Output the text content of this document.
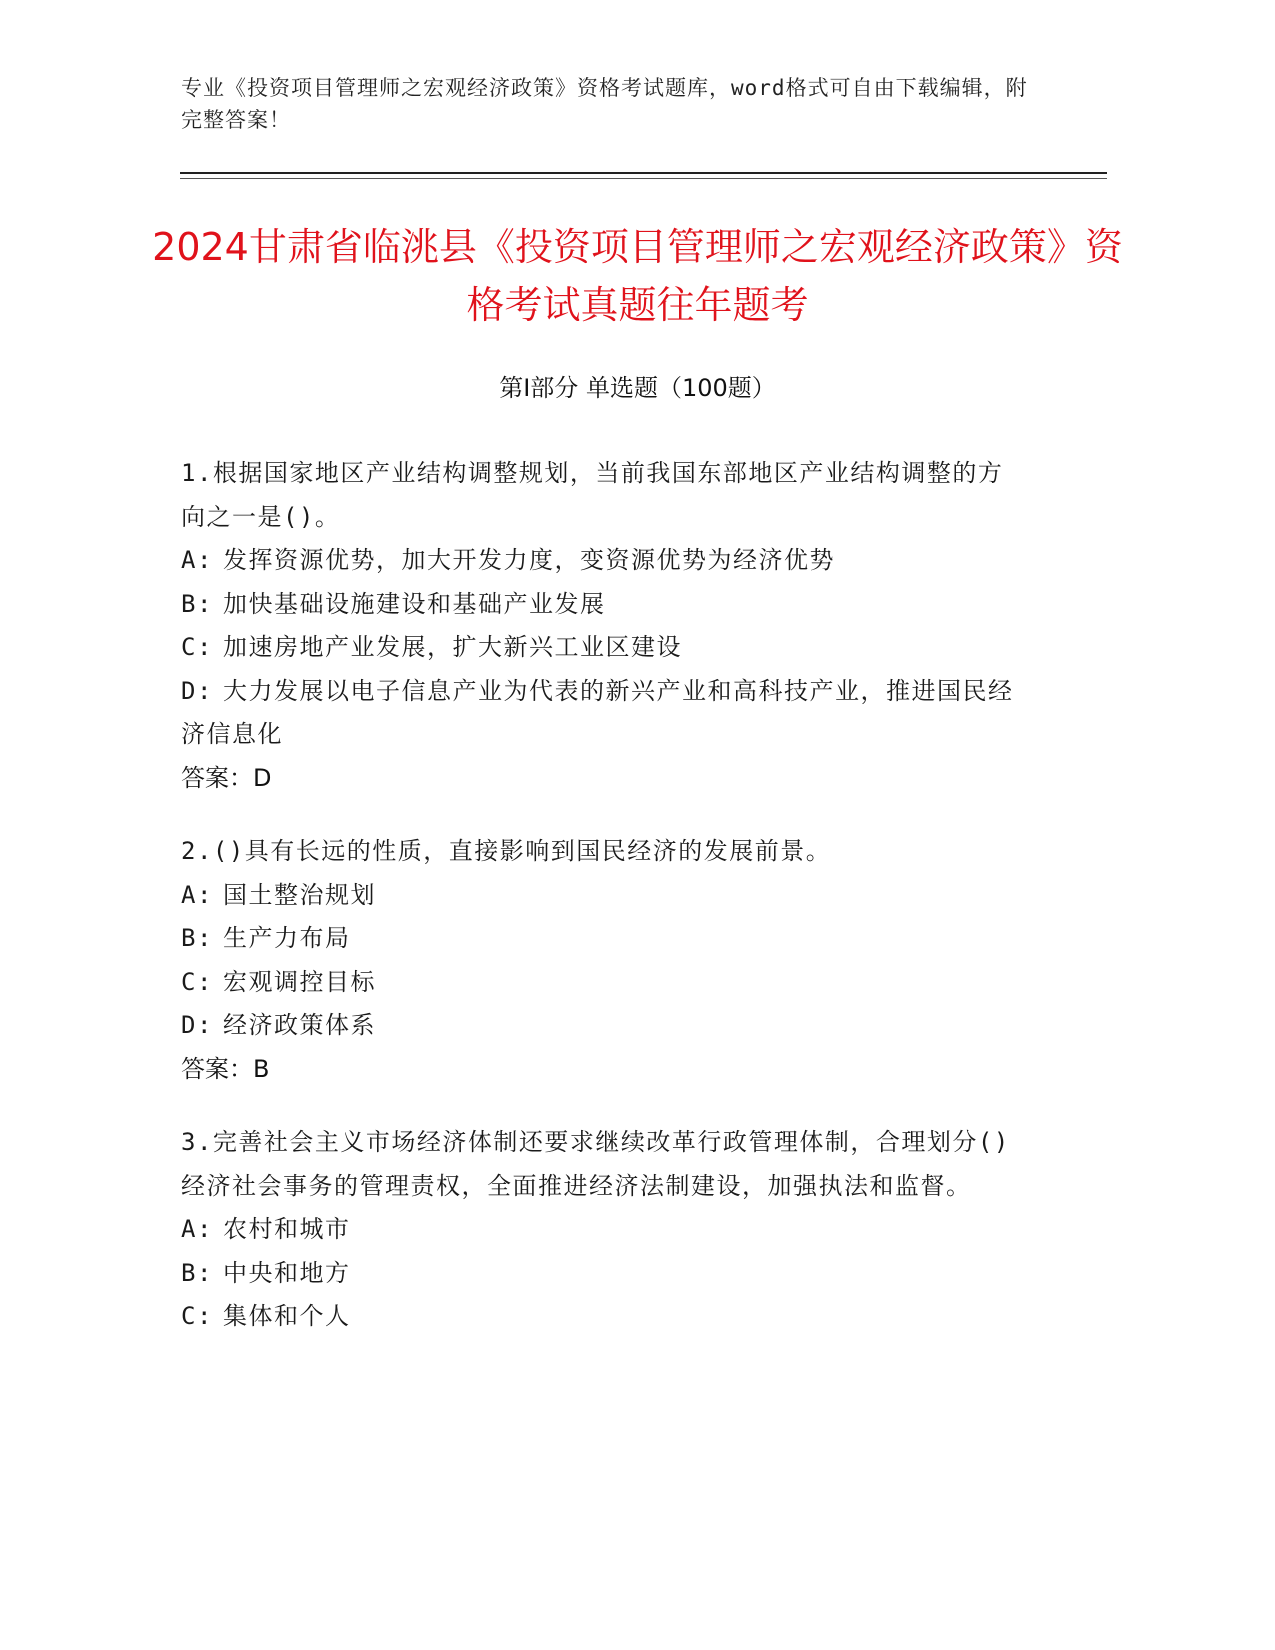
专业《投资项目管理师之宏观经济政策》资格考试题库，word格式可自由下载编辑，附完整答案！
2024甘肃省临洮县《投资项目管理师之宏观经济政策》资格考试真题往年题考
第Ⅰ部分 单选题（100题）

1.根据国家地区产业结构调整规划，当前我国东部地区产业结构调整的方向之一是()。

A: 发挥资源优势，加大开发力度，变资源优势为经济优势

B: 加快基础设施建设和基础产业发展

C: 加速房地产业发展，扩大新兴工业区建设

D: 大力发展以电子信息产业为代表的新兴产业和高科技产业，推进国民经济信息化

答案：D

2.()具有长远的性质，直接影响到国民经济的发展前景。

A: 国土整治规划

B: 生产力布局

C: 宏观调控目标

D: 经济政策体系

答案：B

3.完善社会主义市场经济体制还要求继续改革行政管理体制，合理划分()经济社会事务的管理责权，全面推进经济法制建设，加强执法和监督。

A: 农村和城市

B: 中央和地方

C: 集体和个人
